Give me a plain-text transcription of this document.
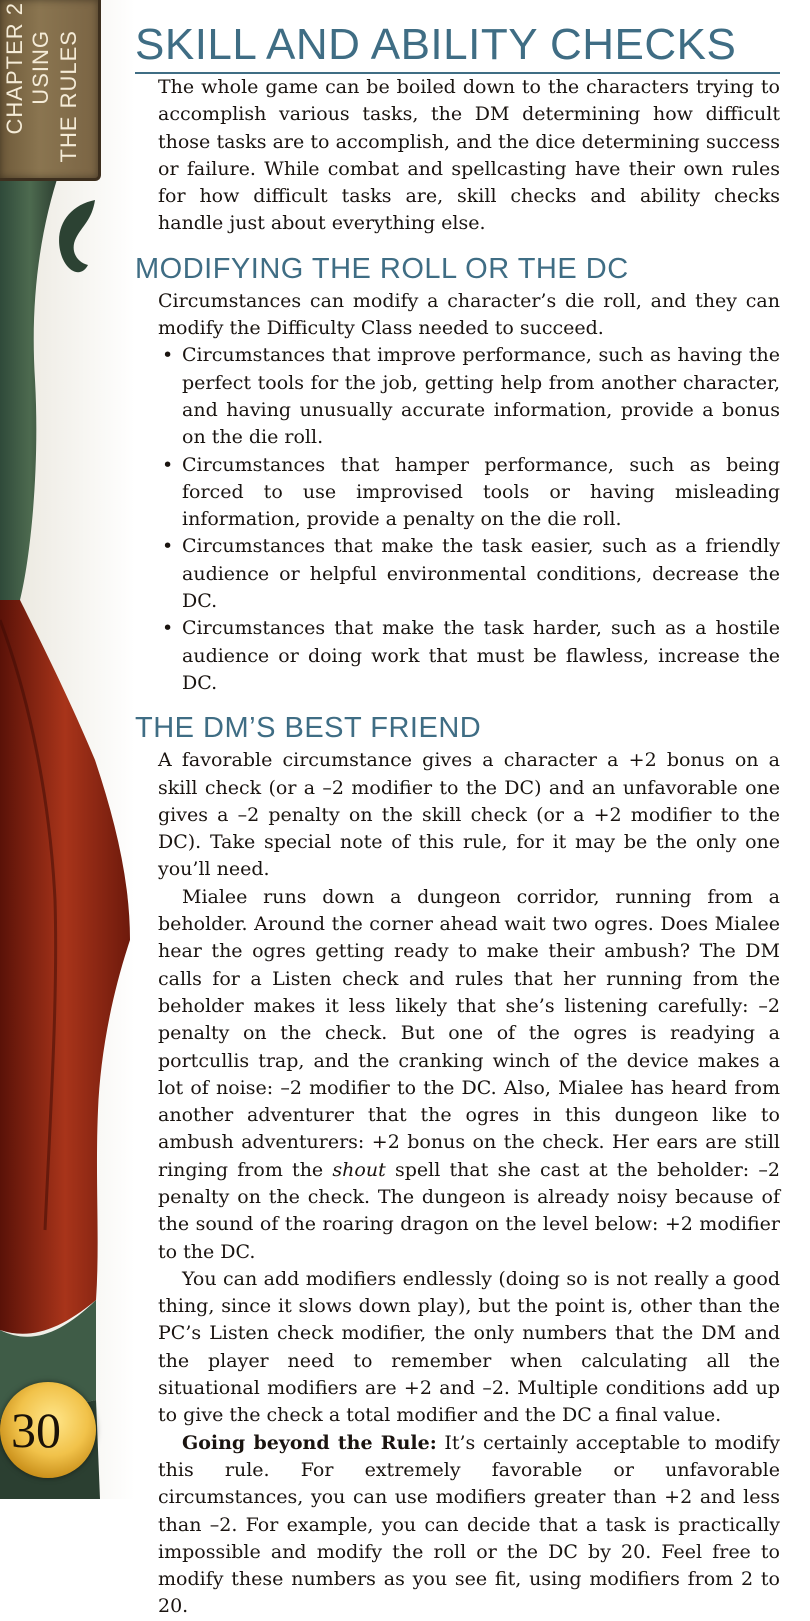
CHAPTER 2 USING THE RULES
30
SKILL AND ABILITY CHECKS

The whole game can be boiled down to the characters trying to accomplish various tasks, the DM determining how difficult those tasks are to accomplish, and the dice determining success or failure. While combat and spellcasting have their own rules for how difficult tasks are, skill checks and ability checks handle just about everything else.

MODIFYING THE ROLL OR THE DC

Circumstances can modify a character’s die roll, and they can modify the Difficulty Class needed to succeed.

• Circumstances that improve performance, such as having the perfect tools for the job, getting help from another character, and having unusually accurate information, provide a bonus on the die roll.
• Circumstances that hamper performance, such as being forced to use improvised tools or having misleading information, provide a penalty on the die roll.
• Circumstances that make the task easier, such as a friendly audience or helpful environmental conditions, decrease the DC.
• Circumstances that make the task harder, such as a hostile audience or doing work that must be flawless, increase the DC.
THE DM’S BEST FRIEND

A favorable circumstance gives a character a +2 bonus on a skill check (or a –2 modifier to the DC) and an unfavorable one gives a –2 penalty on the skill check (or a +2 modifier to the DC). Take special note of this rule, for it may be the only one you’ll need.

Mialee runs down a dungeon corridor, running from a beholder. Around the corner ahead wait two ogres. Does Mialee hear the ogres getting ready to make their ambush? The DM calls for a Listen check and rules that her running from the beholder makes it less likely that she’s listening carefully: –2 penalty on the check. But one of the ogres is readying a portcullis trap, and the cranking winch of the device makes a lot of noise: –2 modifier to the DC. Also, Mialee has heard from another adventurer that the ogres in this dungeon like to ambush adventurers: +2 bonus on the check. Her ears are still ringing from the shout spell that she cast at the beholder: –2 penalty on the check. The dungeon is already noisy because of the sound of the roaring dragon on the level below: +2 modifier to the DC.

You can add modifiers endlessly (doing so is not really a good thing, since it slows down play), but the point is, other than the PC’s Listen check modifier, the only numbers that the DM and the player need to remember when calculating all the situational modifiers are +2 and –2. Multiple conditions add up to give the check a total modifier and the DC a final value.

Going beyond the Rule: It’s certainly acceptable to modify this rule. For extremely favorable or unfavorable circumstances, you can use modifiers greater than +2 and less than –2. For example, you can decide that a task is practically impossible and modify the roll or the DC by 20. Feel free to modify these numbers as you see fit, using modifiers from 2 to 20.
